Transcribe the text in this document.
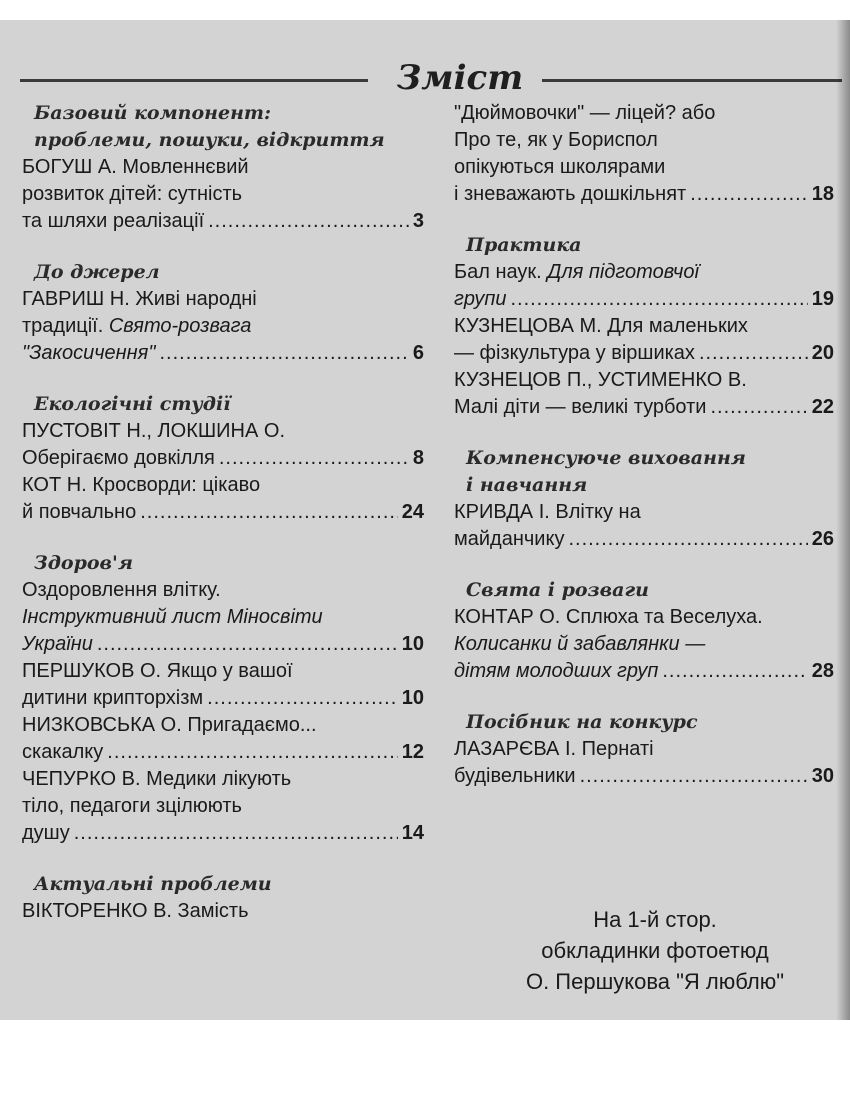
Зміст
Базовий компонент:
проблеми, пошуки, відкриття
БОГУШ А. Мовленнєвий
розвиток дітей: сутність
та шляхи реалізації .....	3
До джерел
ГАВРИШ Н. Живі народні
традиції. Свято-розвага
"Закосичення" .....	6
Екологічні студії
ПУСТОВІТ Н., ЛОКШИНА О.
Оберігаємо довкілля .....	8
КОТ Н. Кросворди: цікаво
й повчально .....	24
Здоров'я
Оздоровлення влітку.
Інструктивний лист Міносвіти
України .....	10
ПЕРШУКОВ О. Якщо у вашої
дитини крипторхізм .....	10
НИЗКОВСЬКА О. Пригадаємо...
скакалку .....	12
ЧЕПУРКО В. Медики лікують
тіло, педагоги зцілюють
душу .....	14
Актуальні проблеми
ВІКТОРЕНКО В. Замість
"Дюймовочки" — ліцей? або
Про те, як у Бориспол
опікуються школярами
і зневажають дошкільнят .....	18
Практика
Бал наук. Для підготовчої
групи .....	19
КУЗНЕЦОВА М. Для маленьких
— фізкультура у віршиках .....	20
КУЗНЕЦОВ П., УСТИМЕНКО В.
Малі діти — великі турботи .....	22
Компенсуюче виховання
і навчання
КРИВДА І. Влітку на
майданчику .....	26
Свята і розваги
КОНТАР О. Сплюха та Веселуха.
Колисанки й забавлянки —
дітям молодших груп .....	28
Посібник на конкурс
ЛАЗАРЄВА І. Пернаті
будівельники .....	30
На 1-й стор.
обкладинки фотоетюд
О. Першукова "Я люблю"
